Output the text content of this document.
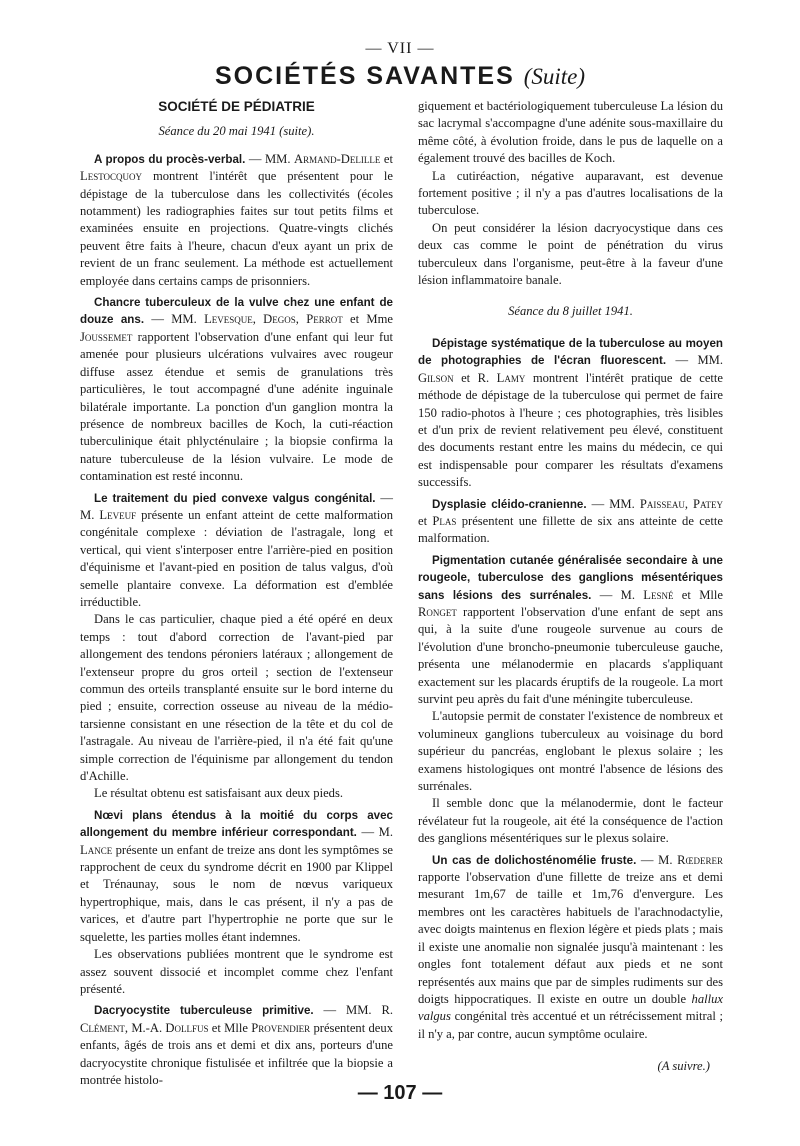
— VII —
SOCIÉTÉS SAVANTES (Suite)
SOCIÉTÉ DE PÉDIATRIE
Séance du 20 mai 1941 (suite).

A propos du procès-verbal. — MM. Armand-Delille et Lestocquoy montrent l'intérêt que présentent pour le dépistage de la tuberculose dans les collectivités (écoles notamment) les radiographies faites sur tout petits films et examinées ensuite en projections. Quatre-vingts clichés peuvent être faits à l'heure, chacun d'eux ayant un prix de revient de un franc seulement. La méthode est actuellement employée dans certains camps de prisonniers.

Chancre tuberculeux de la vulve chez une enfant de douze ans. — MM. Levesque, Degos, Perrot et Mme Joussemet rapportent l'observation d'une enfant qui leur fut amenée pour plusieurs ulcérations vulvaires avec rougeur diffuse assez étendue et semis de granulations très particulières, le tout accompagné d'une adénite inguinale bilatérale importante. La ponction d'un ganglion montra la présence de nombreux bacilles de Koch, la cuti-réaction tuberculinique était phlycténulaire ; la biopsie confirma la nature tuberculeuse de la lésion vulvaire. Le mode de contamination est resté inconnu.

Le traitement du pied convexe valgus congénital. — M. Leveuf présente un enfant atteint de cette malformation congénitale complexe : déviation de l'astragale, long et vertical, qui vient s'interposer entre l'arrière-pied en position d'équinisme et l'avant-pied en position de talus valgus, d'où semelle plantaire convexe. La déformation est d'emblée irréductible.

Dans le cas particulier, chaque pied a été opéré en deux temps : tout d'abord correction de l'avant-pied par allongement des tendons péroniers latéraux ; allongement de l'extenseur propre du gros orteil ; section de l'extenseur commun des orteils transplanté ensuite sur le bord interne du pied ; ensuite, correction osseuse au niveau de la médio-tarsienne consistant en une résection de la tête et du col de l'astragale. Au niveau de l'arrière-pied, il n'a été fait qu'une simple correction de l'équinisme par allongement du tendon d'Achille.

Le résultat obtenu est satisfaisant aux deux pieds.

Nœvi plans étendus à la moitié du corps avec allongement du membre inférieur correspondant. — M. Lance présente un enfant de treize ans dont les symptômes se rapprochent de ceux du syndrome décrit en 1900 par Klippel et Trénaunay, sous le nom de nœvus variqueux hypertrophique, mais, dans le cas présent, il n'y a pas de varices, et d'autre part l'hypertrophie ne porte que sur le squelette, les parties molles étant indemnes.

Les observations publiées montrent que le syndrome est assez souvent dissocié et incomplet comme chez l'enfant présenté.

Dacryocystite tuberculeuse primitive. — MM. R. Clément, M.-A. Dollfus et Mlle Provendier présentent deux enfants, âgés de trois ans et demi et dix ans, porteurs d'une dacryocystite chronique fistulisée et infiltrée que la biopsie a montrée histolo-

giquement et bactériologiquement tuberculeuse La lésion du sac lacrymal s'accompagne d'une adénite sous-maxillaire du même côté, à évolution froide, dans le pus de laquelle on a également trouvé des bacilles de Koch.

La cutiréaction, négative auparavant, est devenue fortement positive ; il n'y a pas d'autres localisations de la tuberculose.

On peut considérer la lésion dacryocystique dans ces deux cas comme le point de pénétration du virus tuberculeux dans l'organisme, peut-être à la faveur d'une lésion inflammatoire banale.

Séance du 8 juillet 1941.

Dépistage systématique de la tuberculose au moyen de photographies de l'écran fluorescent. — MM. Gilson et R. Lamy montrent l'intérêt pratique de cette méthode de dépistage de la tuberculose qui permet de faire 150 radio-photos à l'heure ; ces photographies, très lisibles et d'un prix de revient relativement peu élevé, constituent des documents restant entre les mains du médecin, ce qui est indispensable pour comparer les résultats d'examens successifs.

Dysplasie cléido-cranienne. — MM. Paisseau, Patey et Plas présentent une fillette de six ans atteinte de cette malformation.

Pigmentation cutanée généralisée secondaire à une rougeole, tuberculose des ganglions mésentériques sans lésions des surrénales. — M. Lesné et Mlle Ronget rapportent l'observation d'une enfant de sept ans qui, à la suite d'une rougeole survenue au cours de l'évolution d'une broncho-pneumonie tuberculeuse gauche, présenta une mélanodermie en placards s'appliquant exactement sur les placards éruptifs de la rougeole. La mort survint peu après du fait d'une méningite tuberculeuse.

L'autopsie permit de constater l'existence de nombreux et volumineux ganglions tuberculeux au voisinage du bord supérieur du pancréas, englobant le plexus solaire ; les examens histologiques ont montré l'absence de lésions des surrénales.

Il semble donc que la mélanodermie, dont le facteur révélateur fut la rougeole, ait été la conséquence de l'action des ganglions mésentériques sur le plexus solaire.

Un cas de dolichosténomélie fruste. — M. Rœderer rapporte l'observation d'une fillette de treize ans et demi mesurant 1m,67 de taille et 1m,76 d'envergure. Les membres ont les caractères habituels de l'arachnodactylie, avec doigts maintenus en flexion légère et pieds plats ; mais il existe une anomalie non signalée jusqu'à maintenant : les ongles font totalement défaut aux pieds et ne sont représentés aux mains que par de simples rudiments sur des doigts hippocratiques. Il existe en outre un double hallux valgus congénital très accentué et un rétrécissement mitral ; il n'y a, par contre, aucun symptôme oculaire.

(A suivre.)
— 107 —
